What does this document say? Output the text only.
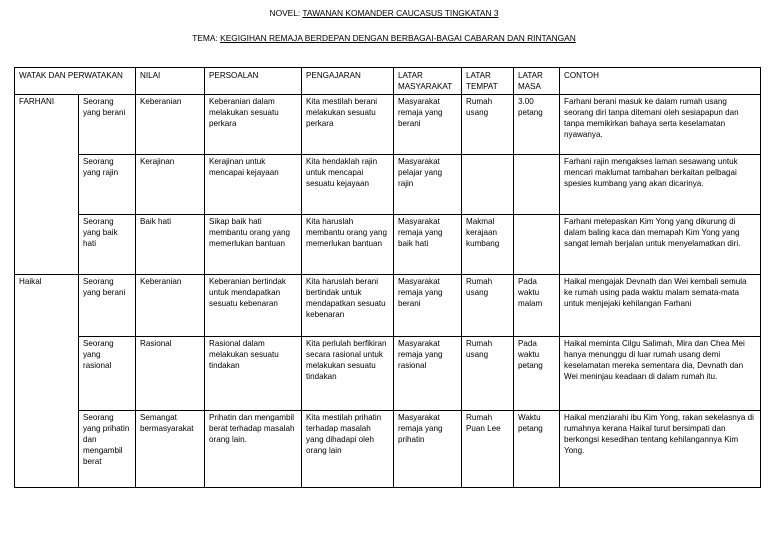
NOVEL: TAWANAN KOMANDER CAUCASUS TINGKATAN 3
TEMA: KEGIGIHAN REMAJA BERDEPAN DENGAN BERBAGAI-BAGAI CABARAN DAN RINTANGAN
WATAK DAN PERWATAKAN		NILAI	PERSOALAN	PENGAJARAN	LATAR MASYARAKAT	LATAR TEMPAT	LATAR MASA	CONTOH
FARHANI	Seorang yang berani	Keberanian	Keberanian dalam melakukan sesuatu perkara	Kita mestilah berani melakukan sesuatu perkara	Masyarakat remaja yang berani	Rumah usang	3.00 petang	Farhani berani masuk ke dalam rumah usang seorang diri tanpa ditemani oleh sesiapapun dan tanpa memikirkan bahaya serta keselamatan nyawanya.
	Seorang yang rajin	Kerajinan	Kerajinan untuk mencapai kejayaan	Kita hendaklah rajin untuk mencapai sesuatu kejayaan	Masyarakat pelajar yang rajin			Farhani rajin mengakses laman sesawang untuk mencari maklumat tambahan berkaitan pelbagai spesies kumbang yang akan dicarinya.
	Seorang yang baik hati	Baik hati	Sikap baik hati membantu orang yang memerlukan bantuan	Kita haruslah membantu orang yang memerlukan bantuan	Masyarakat remaja yang baik hati	Makmal kerajaan kumbang		Farhani melepaskan Kim Yong yang dikurung di dalam baling kaca dan memapah Kim Yong yang sangat lemah berjalan untuk menyelamatkan diri.
Haikal	Seorang yang berani	Keberanian	Keberanian bertindak untuk mendapatkan sesuatu kebenaran	Kita haruslah berani bertindak untuk mendapatkan sesuatu kebenaran	Masyarakat remaja yang berani	Rumah usang	Pada waktu malam	Haikal mengajak Devnath dan Wei kembali semula ke rumah using pada waktu malam semata-mata untuk menjejaki kehilangan Farhani
	Seorang yang rasional	Rasional	Rasional dalam melakukan sesuatu tindakan	Kita perlulah berfikiran secara rasional untuk melakukan sesuatu tindakan	Masyarakat remaja yang rasional	Rumah usang	Pada waktu petang	Haikal meminta Cilgu Salimah, Mira dan Chea Mei hanya menunggu di luar rumah usang demi keselamatan mereka sementara dia, Devnath dan Wei meninjau keadaan di dalam rumah itu.
	Seorang yang prihatin dan mengambil berat	Semangat bermasyarakat	Prihatin dan mengambil berat terhadap masalah orang lain.	Kita mestilah prihatin terhadap masalah yang dihadapi oleh orang lain	Masyarakat remaja yang prihatin	Rumah Puan Lee	Waktu petang	Haikal menziarahi ibu Kim Yong, rakan sekelasnya di rumahnya kerana Haikal turut bersimpati dan berkongsi kesedihan tentang kehilangannya Kim Yong.
